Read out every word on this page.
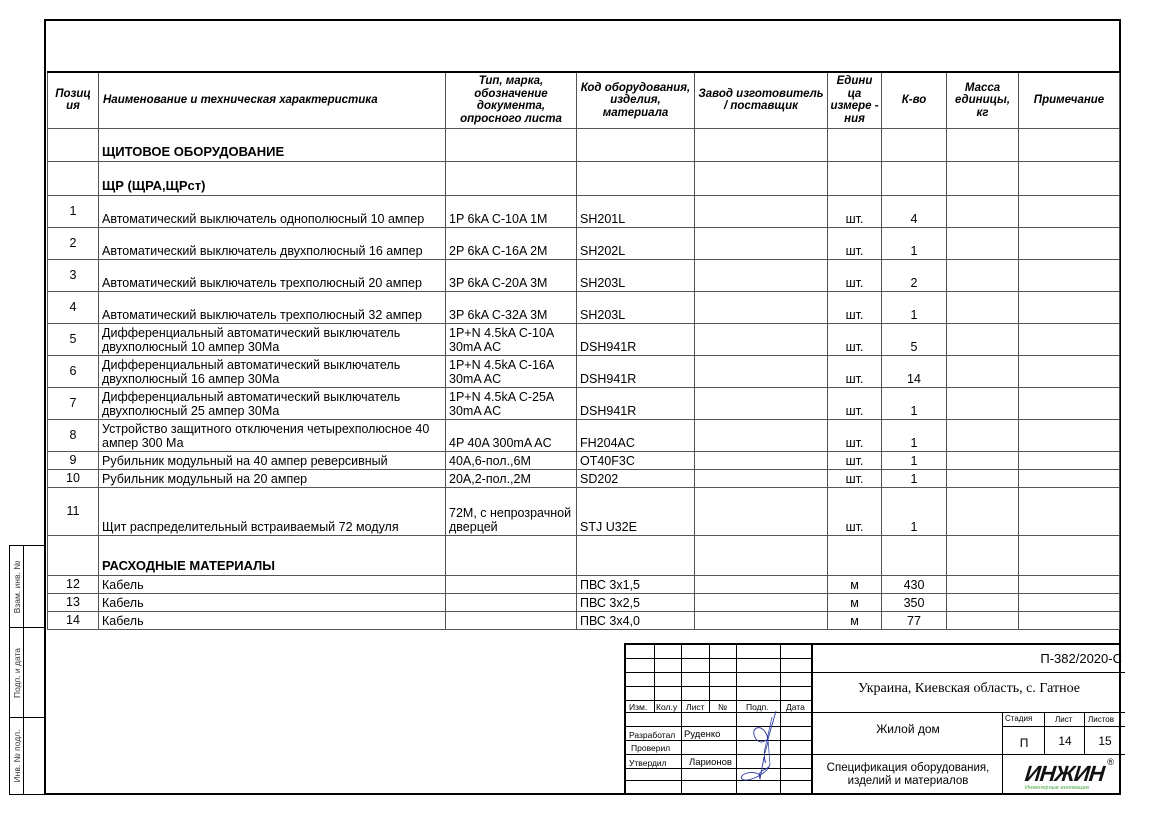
Позиц ия	Наименование и техническая характеристика	Тип, марка, обозначение документа, опросного листа	Код оборудования, изделия, материала	Завод изготовитель / поставщик	Едини ца измере - ния	К-во	Масса единицы, кг	Примечание
	ЩИТОВОЕ ОБОРУДОВАНИЕ							
	ЩР (ЩРА,ЩРст)							
1	Автоматический выключатель однополюсный 10 ампер	1P 6kA C-10A 1M	SH201L		шт.	4		
2	Автоматический выключатель двухполюсный 16 ампер	2P 6kA C-16A 2M	SH202L		шт.	1		
3	Автоматический выключатель трехполюсный 20 ампер	3P 6kA C-20A 3M	SH203L		шт.	2		
4	Автоматический выключатель трехполюсный 32 ампер	3P 6kA C-32A 3M	SH203L		шт.	1		
5	Дифференциальный автоматический выключатель двухполюсный 10 ампер 30Ма	1P+N 4.5kA C-10A 30mA AC	DSH941R		шт.	5		
6	Дифференциальный автоматический выключатель двухполюсный 16 ампер 30Ма	1P+N 4.5kA C-16A 30mA AC	DSH941R		шт.	14		
7	Дифференциальный автоматический выключатель двухполюсный 25 ампер 30Ма	1P+N 4.5kA C-25A 30mA AC	DSH941R		шт.	1		
8	Устройство защитного отключения четырехполюсное 40 ампер 300 Ма	4P 40A 300mA AC	FH204AC		шт.	1		
9	Рубильник модульный на 40 ампер реверсивный	40A,6-пол.,6M	OT40F3C		шт.	1		
10	Рубильник модульный на 20 ампер	20A,2-пол.,2M	SD202		шт.	1		
11	Щит распределительный встраиваемый 72 модуля	72M, с непрозрачной дверцей	STJ U32E		шт.	1		
	РАСХОДНЫЕ МАТЕРИАЛЫ							
12	Кабель		ПВС 3х1,5		м	430		
13	Кабель		ПВС 3х2,5		м	350		
14	Кабель		ПВС 3х4,0		м	77		
Взам. инв. №
Подп. и дата
Инв. № подл.
Изм. Кол.у Лист № Подп. Дата
Разработал
Проверил
Утвердил
Руденко
Ларионов
П-382/2020-С
Украина, Киевская область, с. Гатное
Жилой дом
Стадия	Лист Листов
П	14	15
Спецификация оборудования, изделий и материалов	ИНЖИН ®
Инженерные инновации
